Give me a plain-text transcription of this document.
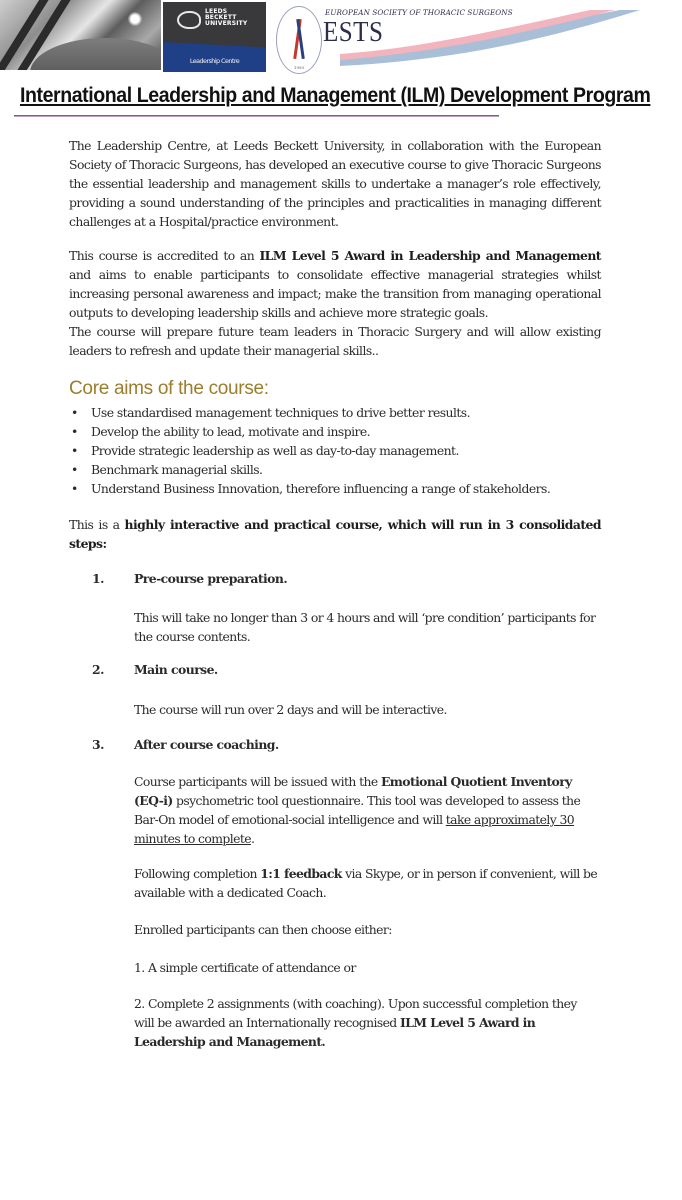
LEEDS
BECKETT
UNIVERSITY
Leadership Centre
1993
EUROPEAN SOCIETY OF THORACIC SURGEONS
ESTS
International Leadership and Management (ILM) Development Program
The Leadership Centre, at Leeds Beckett University, in collaboration with the European Society of Thoracic Surgeons, has developed an executive course to give Thoracic Surgeons the essential leadership and management skills to undertake a manager’s role effectively, providing a sound understanding of the principles and practicalities in managing different challenges at a Hospital/practice environment.
This course is accredited to an ILM Level 5 Award in Leadership and Management and aims to enable participants to consolidate effective managerial strategies whilst increasing personal awareness and impact; make the transition from managing operational outputs to developing leadership skills and achieve more strategic goals.
The course will prepare future team leaders in Thoracic Surgery and will allow existing leaders to refresh and update their managerial skills..
Core aims of the course:
• Use standardised management techniques to drive better results.
• Develop the ability to lead, motivate and inspire.
• Provide strategic leadership as well as day-to-day management.
• Benchmark managerial skills.
• Understand Business Innovation, therefore influencing a range of stakeholders.
This is a highly interactive and practical course, which will run in 3 consolidated steps:
1. Pre-course preparation.
This will take no longer than 3 or 4 hours and will ‘pre condition’ participants for the course contents.
2. Main course.
The course will run over 2 days and will be interactive.
3. After course coaching.
Course participants will be issued with the Emotional Quotient Inventory (EQ-i) psychometric tool questionnaire. This tool was developed to assess the Bar-On model of emotional-social intelligence and will take approximately 30 minutes to complete.
Following completion 1:1 feedback via Skype, or in person if convenient, will be available with a dedicated Coach.
Enrolled participants can then choose either:
1. A simple certificate of attendance or
2. Complete 2 assignments (with coaching). Upon successful completion they will be awarded an Internationally recognised ILM Level 5 Award in Leadership and Management.
